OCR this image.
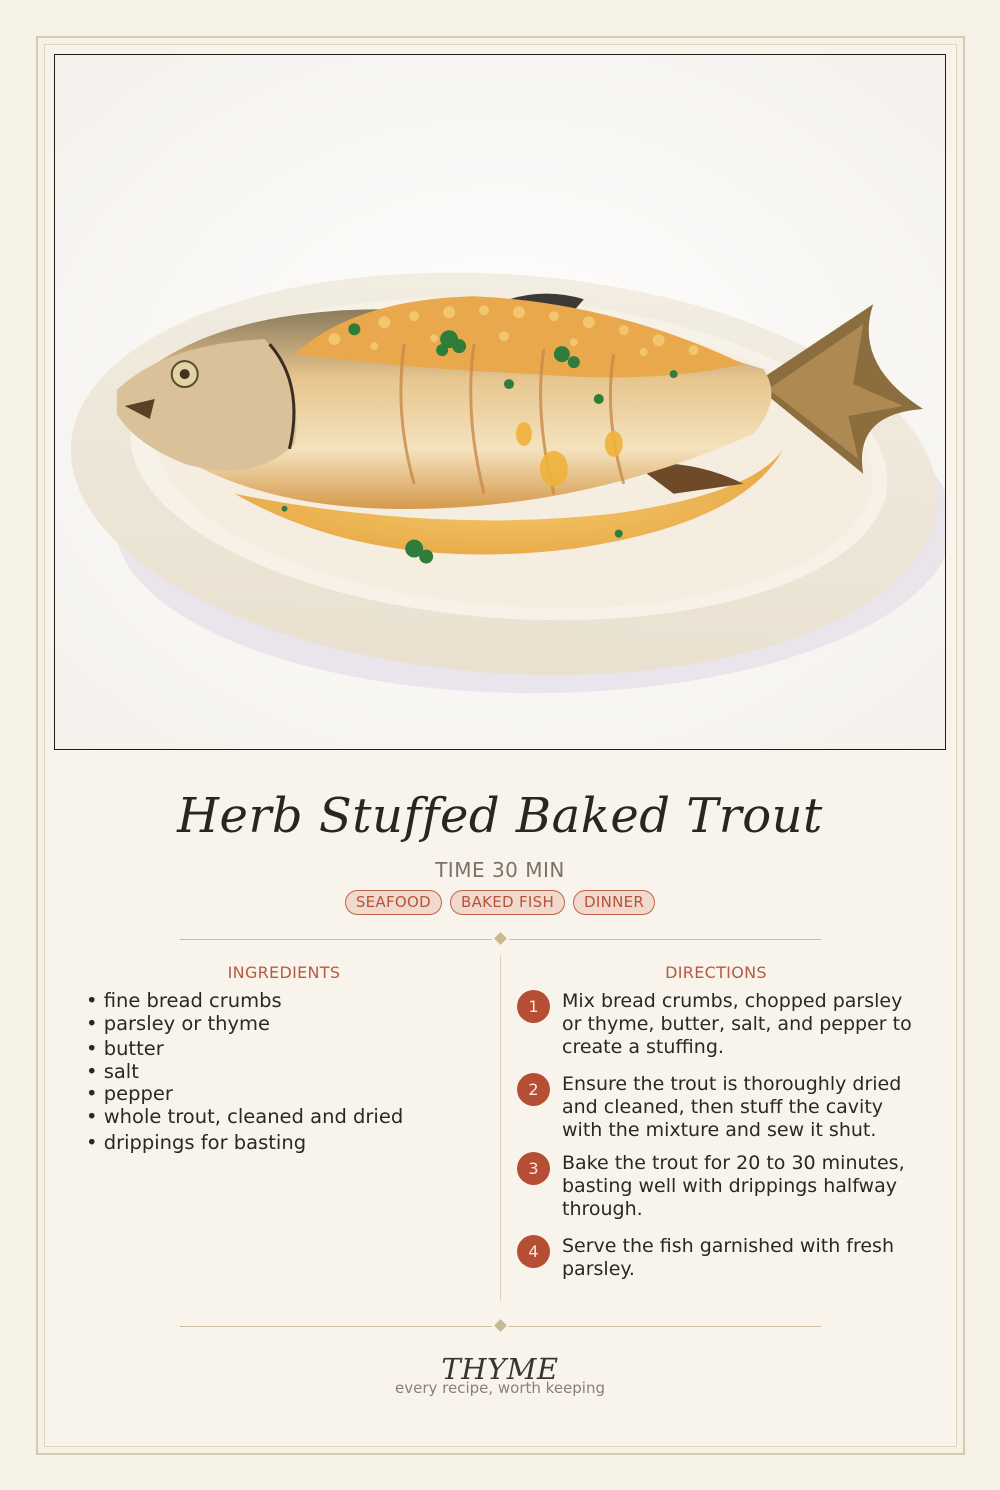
Herb Stuffed Baked Trout
TIME 30 MIN
SEAFOOD	BAKED FISH	DINNER
INGREDIENTS
• fine bread crumbs
• parsley or thyme
• butter
• salt
• pepper
• whole trout, cleaned and dried
• drippings for basting
DIRECTIONS
1	Mix bread crumbs, chopped parsley or thyme, butter, salt, and pepper to create a stuffing.
2	Ensure the trout is thoroughly dried and cleaned, then stuff the cavity with the mixture and sew it shut.
3	Bake the trout for 20 to 30 minutes, basting well with drippings halfway through.
4	Serve the fish garnished with fresh parsley.
THYME
every recipe, worth keeping
